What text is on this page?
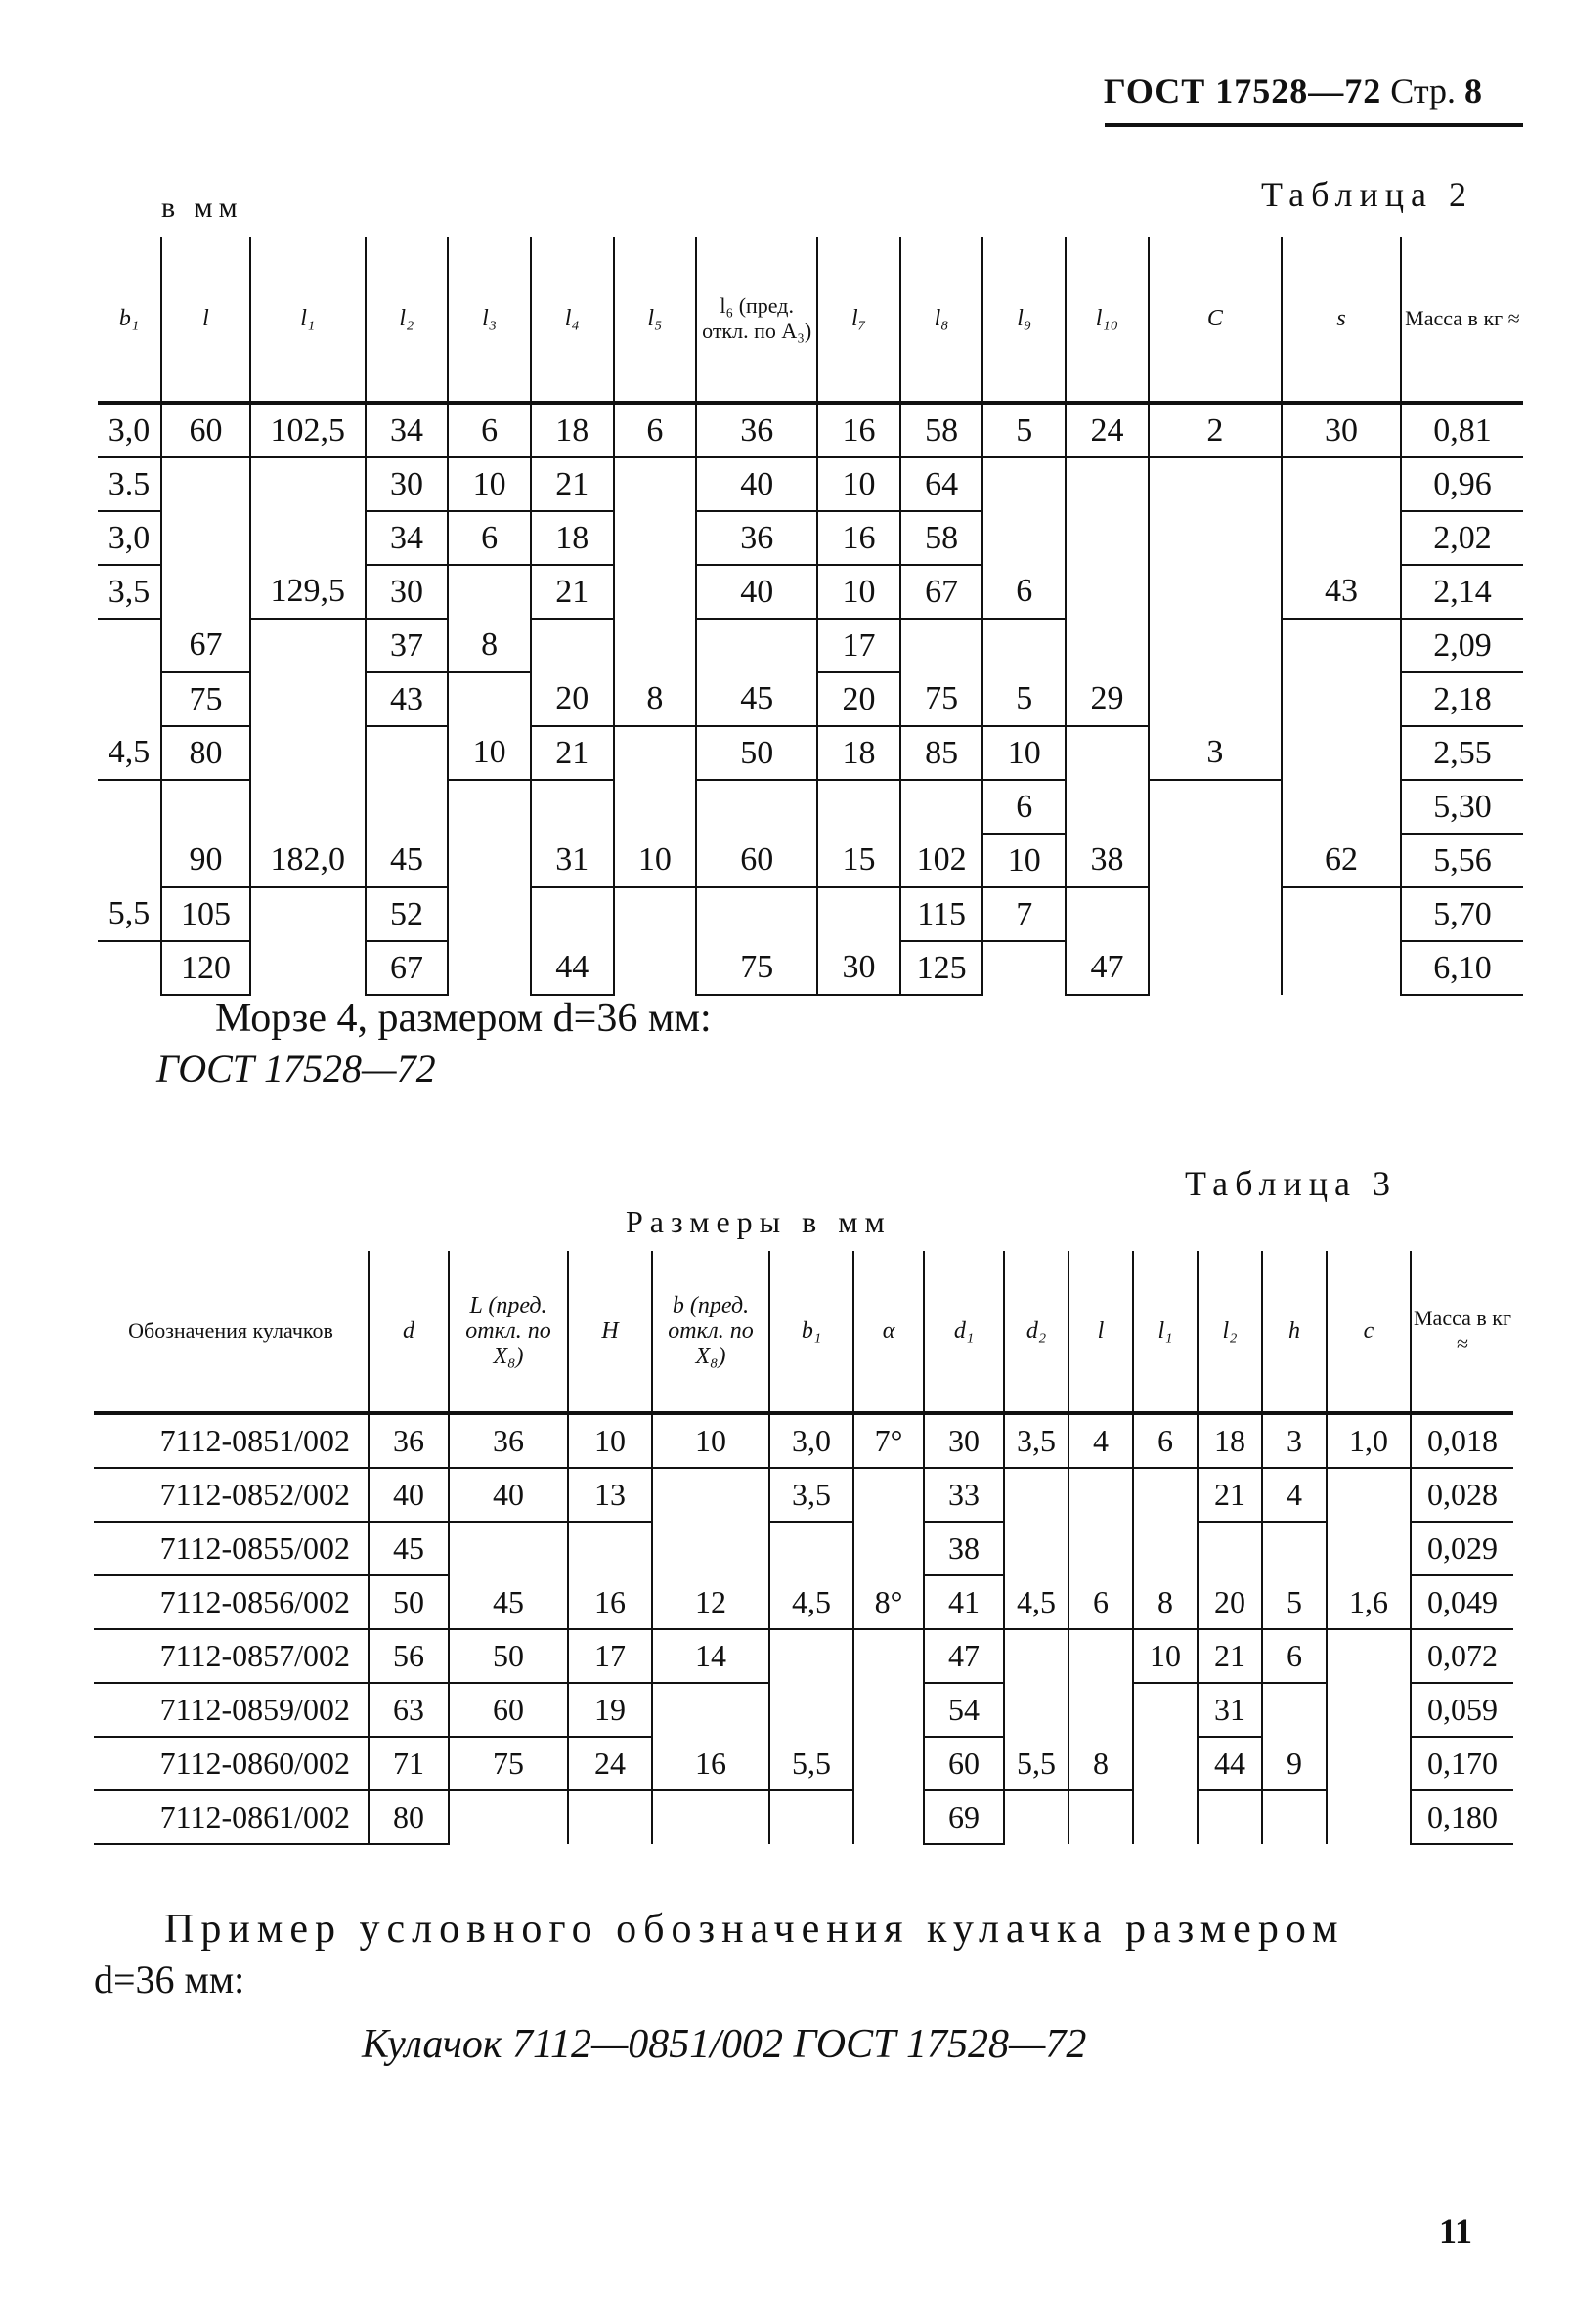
ГОСТ 17528—72 Стр. 8
в мм	Таблица 2
b₁	l	l₁	l₂	l₃	l₄	l₅	l₆ (пред. откл. по A₃)	l₇	l₈	l₉	l₁₀	C	s	Масса в кг ≈
3,0	60	102,5	34	6	18	6	36	16	58	5	24	2	30	0,81
3.5			30	10	21		40	10	64					0,96
3,0			34	6	18		36	16	58					2,02
3,5		129,5	30		21		40	10	67	6			43	2,14
	67		37	8				17						2,09
	75		43		20	8	45	20	75	5	29			2,18
4,5	80			10	21		50	18	85	10		3		2,55
										6				5,30
	90	182,0	45		31	10	60	15	102	10	38		62	5,56
5,5	105		52						115	7				5,70
	120		67		44		75	30	125		47			6,10
Морзе 4, размером d=36 мм:
ГОСТ 17528—72
Таблица 3
Размеры в мм
Обозначения кулачков	d	L (пред. откл. по X₈)	H	b (пред. откл. по X₈)	b₁	α	d₁	d₂	l	l₁	l₂	h	c	Масса в кг ≈
7112-0851/002	36	36	10	10	3,0	7°	30	3,5	4	6	18	3	1,0	0,018
7112-0852/002	40	40	13		3,5		33				21	4		0,028
7112-0855/002	45						38							0,029
7112-0856/002	50	45	16	12	4,5	8°	41	4,5	6	8	20	5	1,6	0,049
7112-0857/002	56	50	17	14			47			10	21	6		0,072
7112-0859/002	63	60	19				54				31			0,059
7112-0860/002	71	75	24	16	5,5		60	5,5	8		44	9		0,170
7112-0861/002	80						69							0,180
Пример условного обозначения кулачка размером
d=36 мм:
Кулачок 7112—0851/002 ГОСТ 17528—72
11
